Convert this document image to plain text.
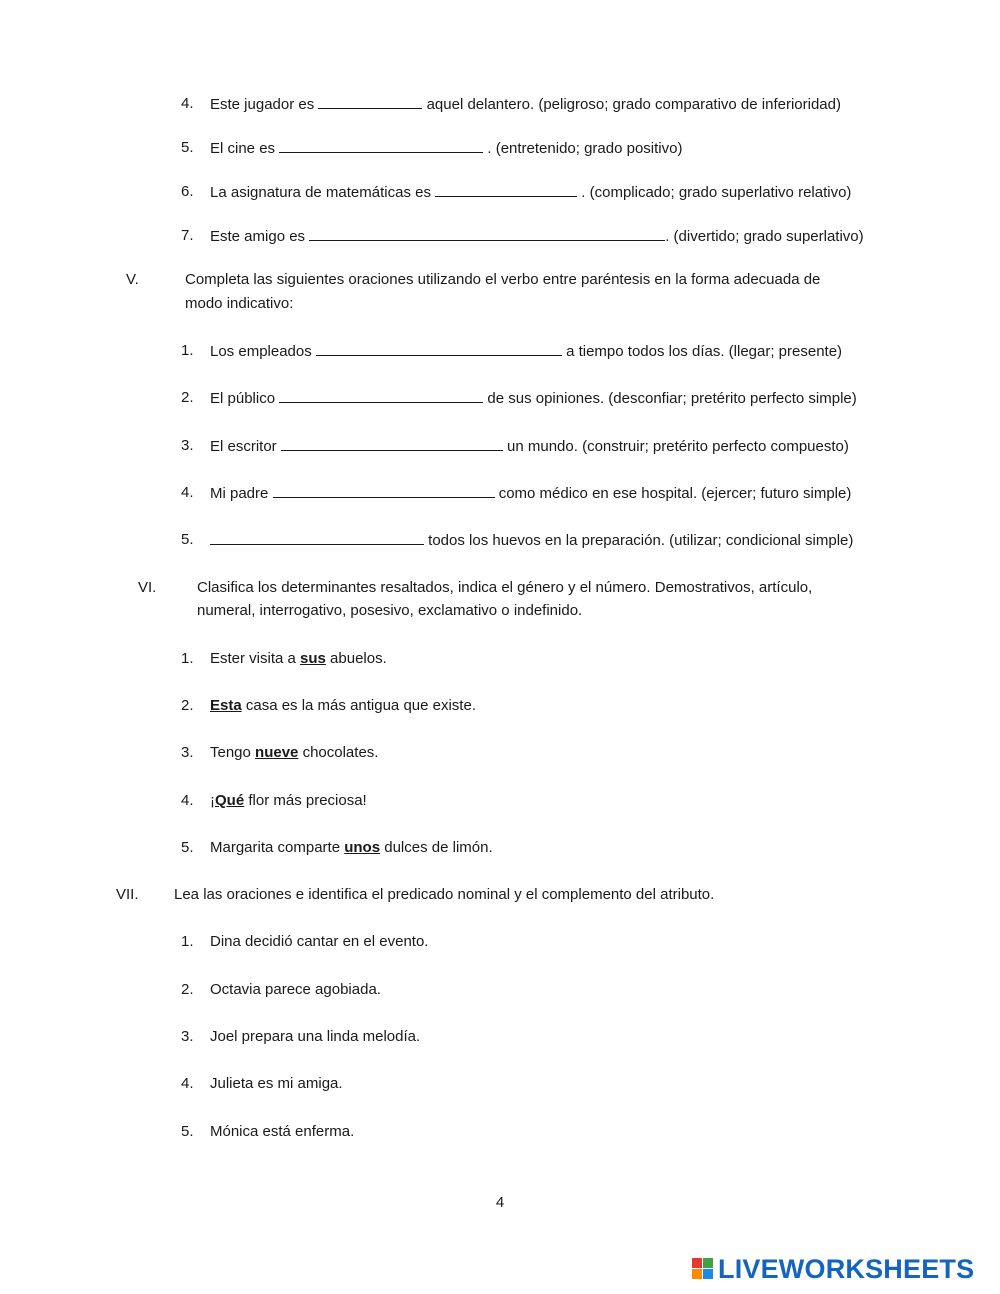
4. Este jugador es	aquel delantero. (peligroso; grado comparativo de inferioridad)
5. El cine es	. (entretenido; grado positivo)
6. La asignatura de matemáticas es	. (complicado; grado superlativo relativo)
7. Este amigo es	. (divertido; grado superlativo)
V.	Completa las siguientes oraciones utilizando el verbo entre paréntesis en la forma adecuada de
modo indicativo:
1. Los empleados	a tiempo todos los días. (llegar; presente)
2. El público	de sus opiniones. (desconfiar; pretérito perfecto simple)
3. El escritor	un mundo. (construir; pretérito perfecto compuesto)
4. Mi padre	como médico en ese hospital. (ejercer; futuro simple)
5.	todos los huevos en la preparación. (utilizar; condicional simple)
VI.	Clasifica los determinantes resaltados, indica el género y el número. Demostrativos, artículo,
numeral, interrogativo, posesivo, exclamativo o indefinido.
1. Ester visita a sus abuelos.
2. Esta casa es la más antigua que existe.
3. Tengo nueve chocolates.
4. ¡Qué flor más preciosa!
5. Margarita comparte unos dulces de limón.
VII. Lea las oraciones e identifica el predicado nominal y el complemento del atributo.
1. Dina decidió cantar en el evento.
2. Octavia parece agobiada.
3. Joel prepara una linda melodía.
4. Julieta es mi amiga.
5. Mónica está enferma.
4
LIVEWORKSHEETS
